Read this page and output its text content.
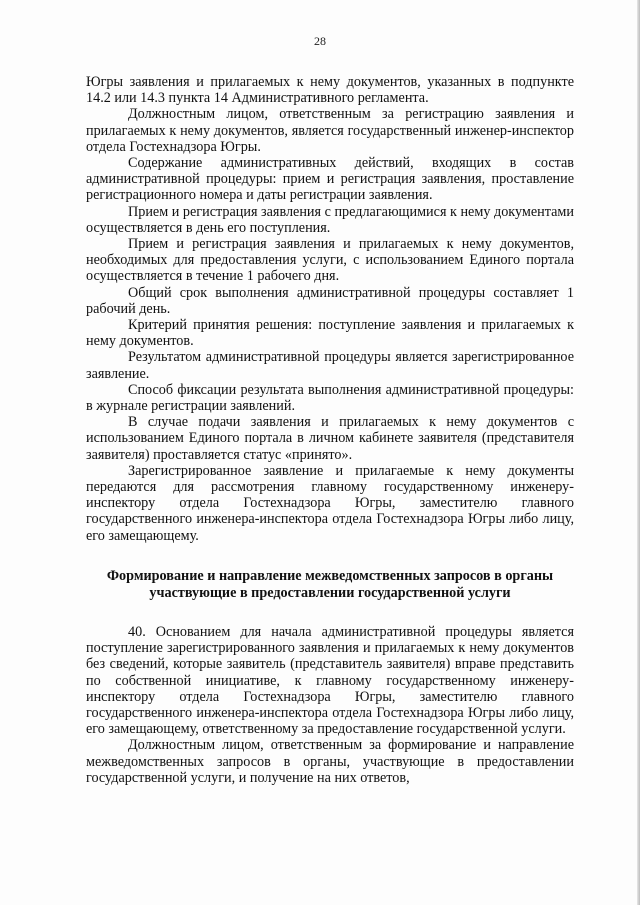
28

Югры заявления и прилагаемых к нему документов, указанных в подпункте 14.2 или 14.3 пункта 14 Административного регламента.

Должностным лицом, ответственным за регистрацию заявления и прилагаемых к нему документов, является государственный инженер-инспектор отдела Гостехнадзора Югры.

Содержание административных действий, входящих в состав административной процедуры: прием и регистрация заявления, проставление регистрационного номера и даты регистрации заявления.

Прием и регистрация заявления с предлагающимися к нему документами осуществляется в день его поступления.

Прием и регистрация заявления и прилагаемых к нему документов, необходимых для предоставления услуги, с использованием Единого портала осуществляется в течение 1 рабочего дня.

Общий срок выполнения административной процедуры составляет 1 рабочий день.

Критерий принятия решения: поступление заявления и прилагаемых к нему документов.

Результатом административной процедуры является зарегистрированное заявление.

Способ фиксации результата выполнения административной процедуры: в журнале регистрации заявлений.

В случае подачи заявления и прилагаемых к нему документов с использованием Единого портала в личном кабинете заявителя (представителя заявителя) проставляется статус «принято».

Зарегистрированное заявление и прилагаемые к нему документы передаются для рассмотрения главному государственному инженеру-инспектору отдела Гостехнадзора Югры, заместителю главного государственного инженера-инспектора отдела Гостехнадзора Югры либо лицу, его замещающему.

Формирование и направление межведомственных запросов в органы
участвующие в предоставлении государственной услуги

40. Основанием для начала административной процедуры является поступление зарегистрированного заявления и прилагаемых к нему документов без сведений, которые заявитель (представитель заявителя) вправе представить по собственной инициативе, к главному государственному инженеру-инспектору отдела Гостехнадзора Югры, заместителю главного государственного инженера-инспектора отдела Гостехнадзора Югры либо лицу, его замещающему, ответственному за предоставление государственной услуги.

Должностным лицом, ответственным за формирование и направление межведомственных запросов в органы, участвующие в предоставлении государственной услуги, и получение на них ответов,
